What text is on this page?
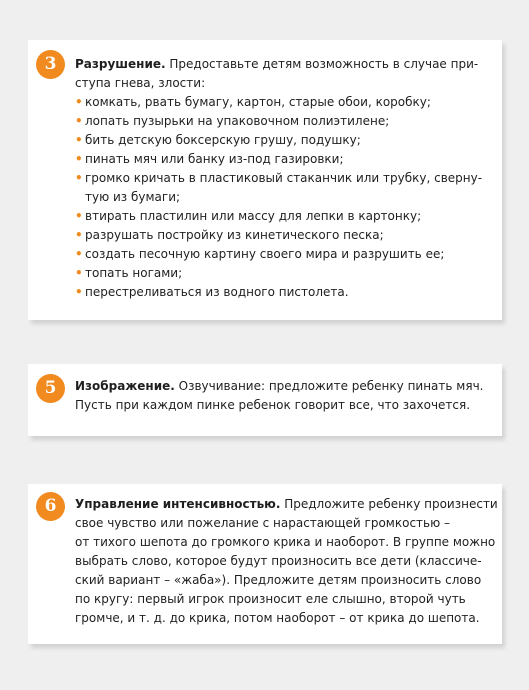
3	Разрушение. Предоставьте детям возможность в случае при-
ступа гнева, злости:
• комкать, рвать бумагу, картон, старые обои, коробку;
• лопать пузырьки на упаковочном полиэтилене;
• бить детскую боксерскую грушу, подушку;
• пинать мяч или банку из-под газировки;
• громко кричать в пластиковый стаканчик или трубку, сверну-
тую из бумаги;
• втирать пластилин или массу для лепки в картонку;
• разрушать постройку из кинетического песка;
• создать песочную картину своего мира и разрушить ее;
• топать ногами;
• перестреливаться из водного пистолета.
5	Изображение. Озвучивание: предложите ребенку пинать мяч.
Пусть при каждом пинке ребенок говорит все, что захочется.
6	Управление интенсивностью. Предложите ребенку произнести
свое чувство или пожелание с нарастающей громкостью –
от тихого шепота до громкого крика и наоборот. В группе можно
выбрать слово, которое будут произносить все дети (классиче-
ский вариант – «жаба»). Предложите детям произносить слово
по кругу: первый игрок произносит еле слышно, второй чуть
громче, и т. д. до крика, потом наоборот – от крика до шепота.
